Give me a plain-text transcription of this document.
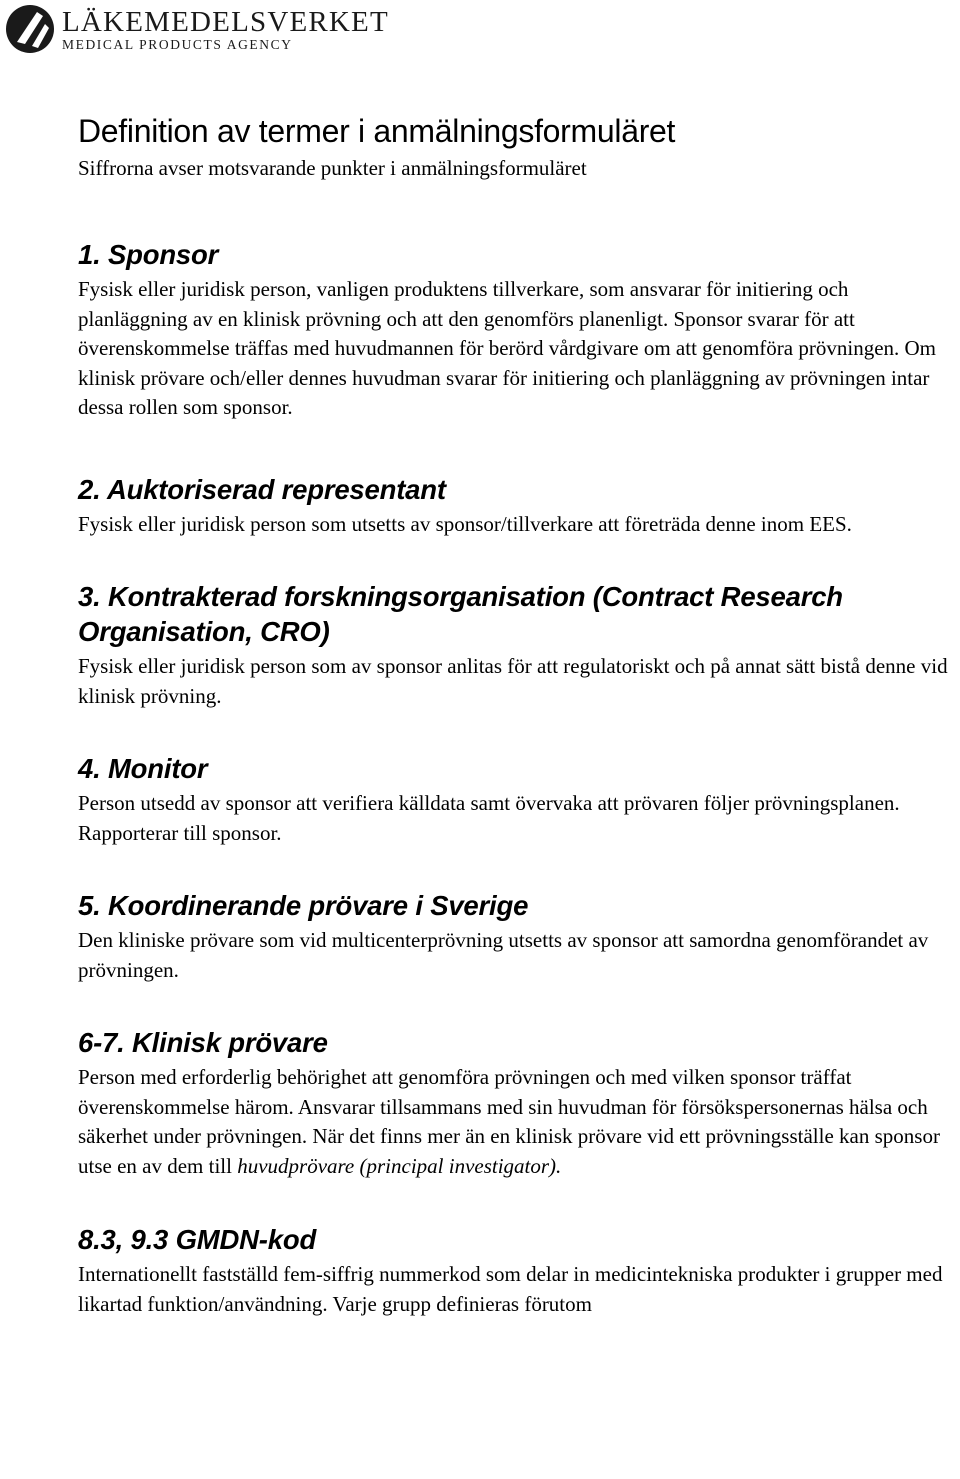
LÄKEMEDELSVERKET
MEDICAL PRODUCTS AGENCY
Definition av termer i anmälningsformuläret

Siffrorna avser motsvarande punkter i anmälningsformuläret

1. Sponsor

Fysisk eller juridisk person, vanligen produktens tillverkare, som ansvarar för initiering och planläggning av en klinisk prövning och att den genomförs planenligt. Sponsor svarar för att överenskommelse träffas med huvudmannen för berörd vårdgivare om att genomföra prövningen. Om klinisk prövare och/eller dennes huvudman svarar för initiering och planläggning av prövningen intar dessa rollen som sponsor.

2. Auktoriserad representant

Fysisk eller juridisk person som utsetts av sponsor/tillverkare att företräda denne inom EES.

3. Kontrakterad forskningsorganisation (Contract Research Organisation, CRO)

Fysisk eller juridisk person som av sponsor anlitas för att regulatoriskt och på annat sätt bistå denne vid klinisk prövning.

4. Monitor

Person utsedd av sponsor att verifiera källdata samt övervaka att prövaren följer prövningsplanen. Rapporterar till sponsor.

5. Koordinerande prövare i Sverige

Den kliniske prövare som vid multicenterprövning utsetts av sponsor att samordna genomförandet av prövningen.

6-7. Klinisk prövare

Person med erforderlig behörighet att genomföra prövningen och med vilken sponsor träffat överenskommelse härom. Ansvarar tillsammans med sin huvudman för försökspersonernas hälsa och säkerhet under prövningen. När det finns mer än en klinisk prövare vid ett prövningsställe kan sponsor utse en av dem till huvudprövare (principal investigator).

8.3, 9.3 GMDN-kod

Internationellt fastställd fem-siffrig nummerkod som delar in medicintekniska produkter i grupper med likartad funktion/användning. Varje grupp definieras förutom
